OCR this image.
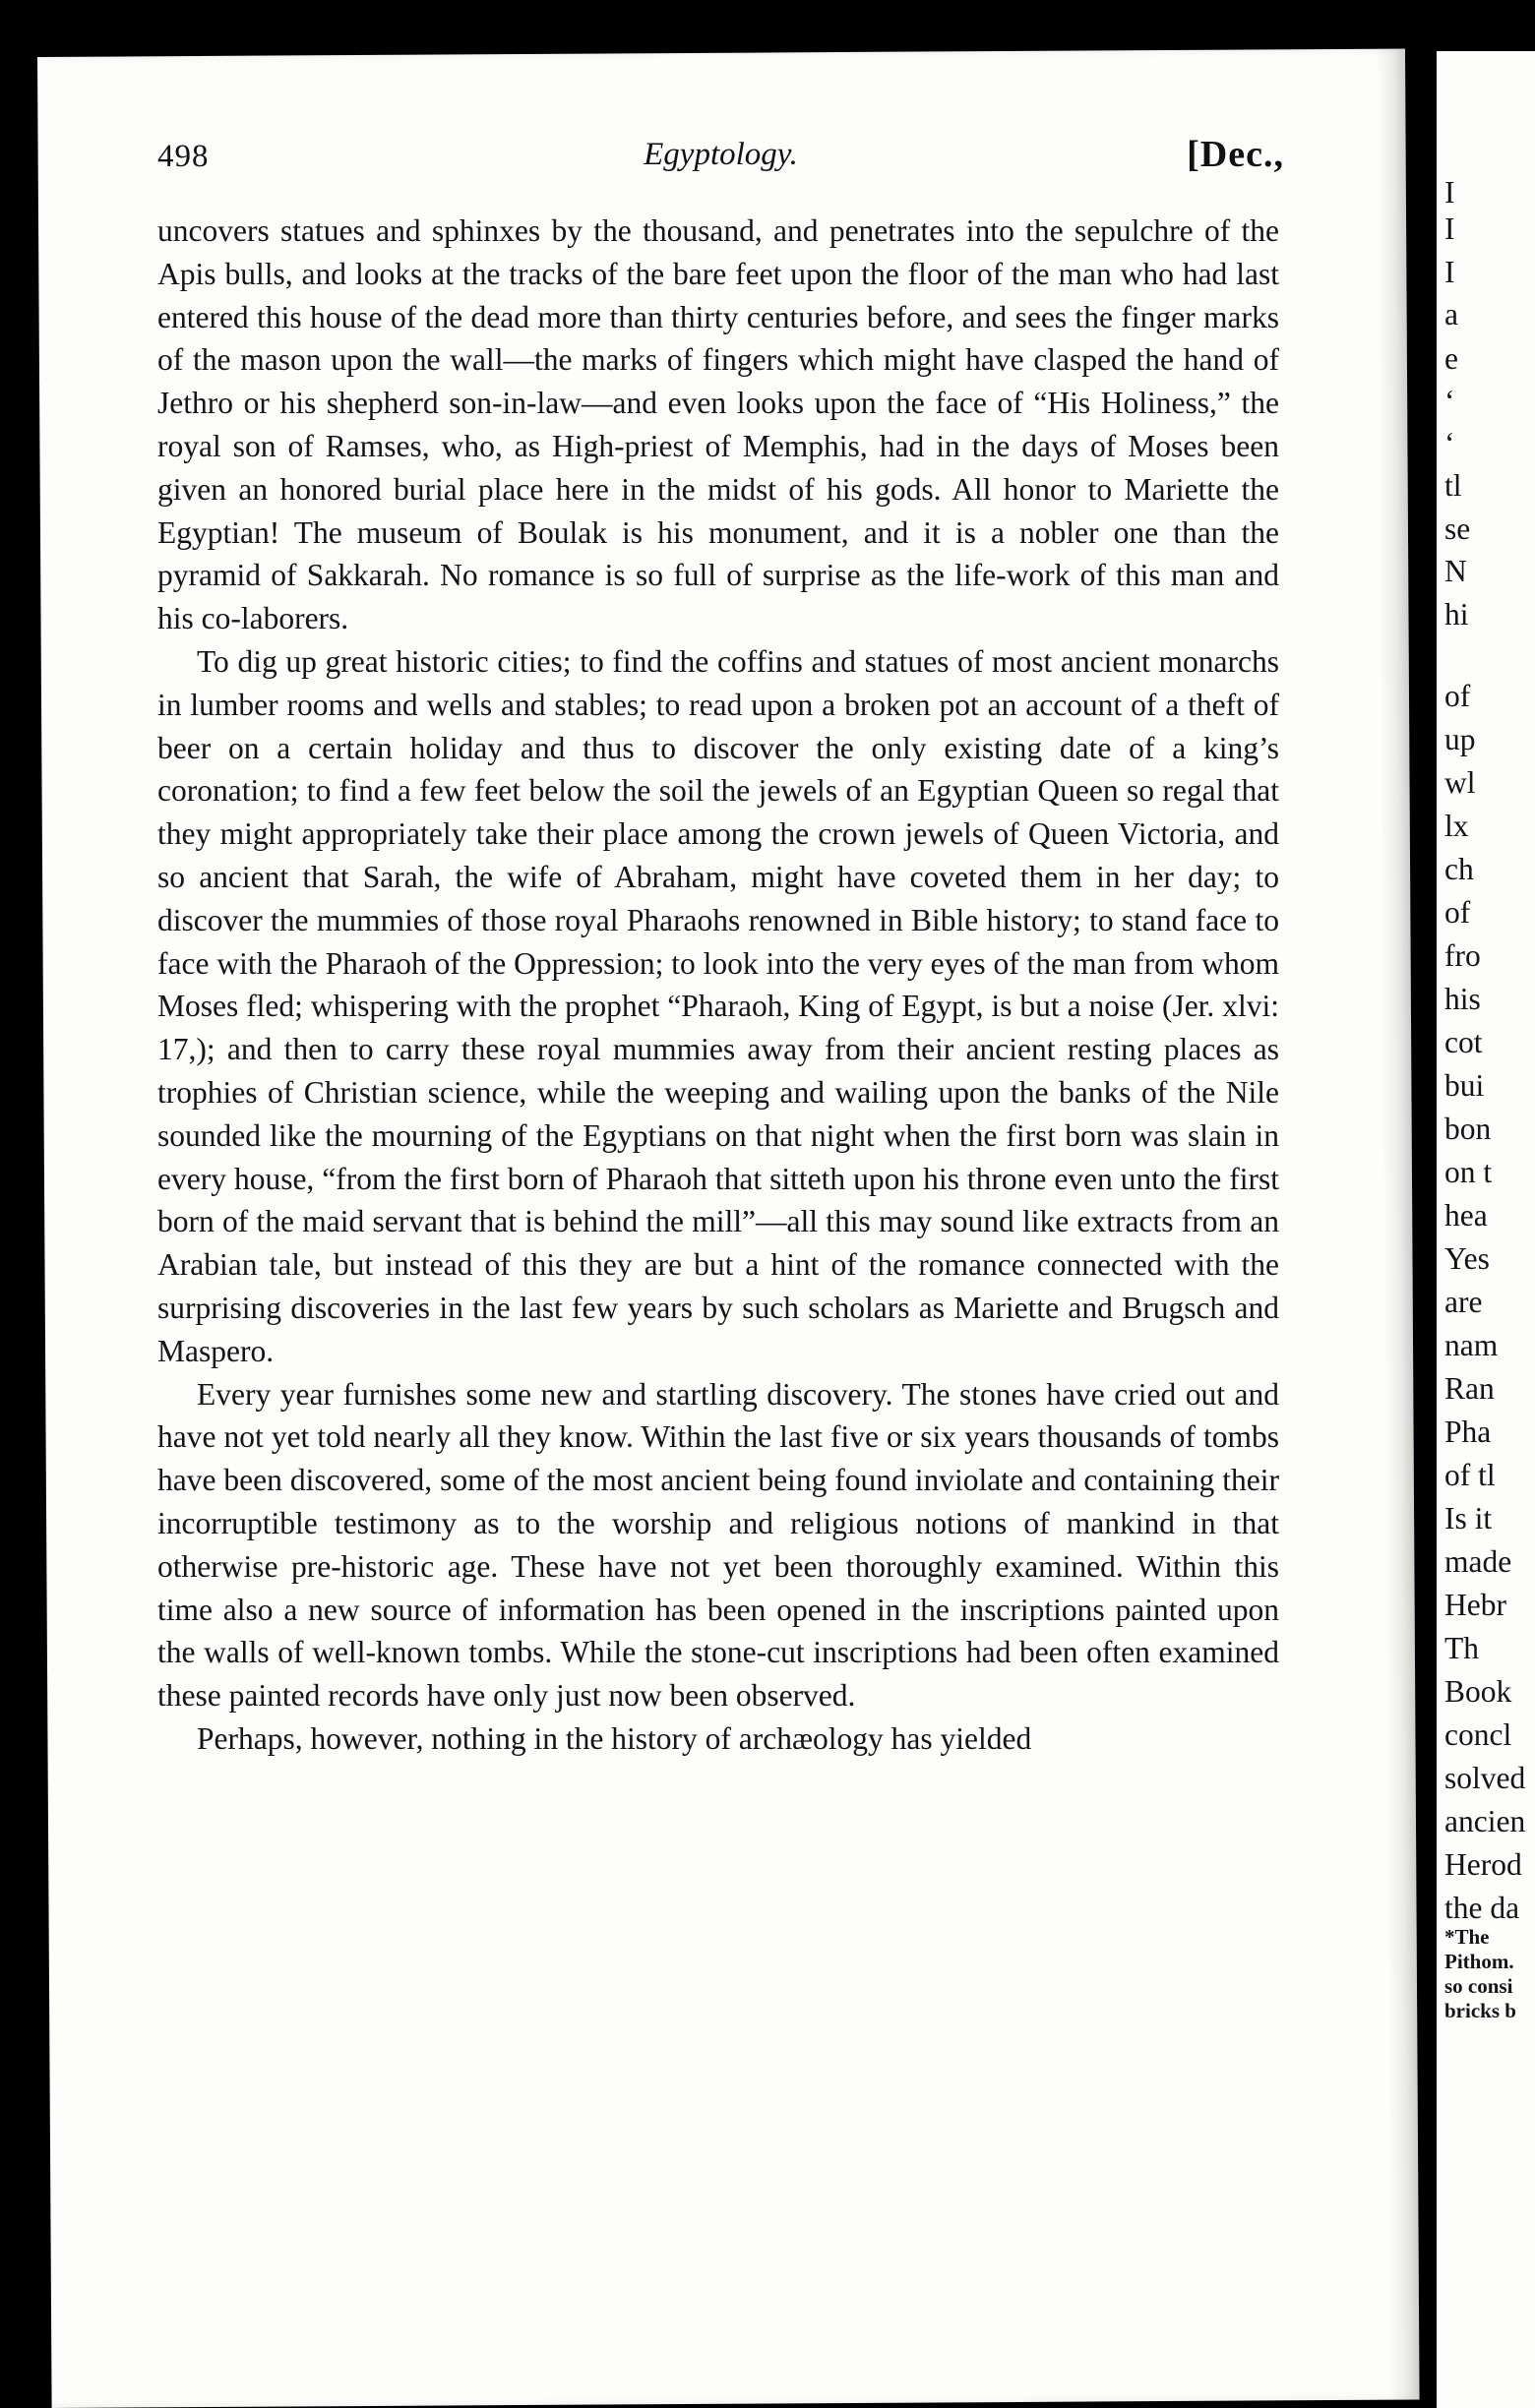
I
I
I
a
e
‘
‘
tl
se
N
hi
of
up
wl
lx
ch
of
fro
his
cot
bui
bon
on t
hea
Yes
are
nam
Ran
Pha
of tl
Is it
made
Hebr
Th
Book
concl
solved
ancien
Herod
the da
*The
Pithom.
so consi
bricks b
498	Egyptology.	[Dec.,

uncovers statues and sphinxes by the thousand, and penetrates into the sepulchre of the Apis bulls, and looks at the tracks of the bare feet upon the floor of the man who had last entered this house of the dead more than thirty centuries before, and sees the finger marks of the mason upon the wall—the marks of fingers which might have clasped the hand of Jethro or his shepherd son-in-law—and even looks upon the face of “His Holiness,” the royal son of Ramses, who, as High-priest of Memphis, had in the days of Moses been given an honored burial place here in the midst of his gods. All honor to Mariette the Egyptian! The museum of Boulak is his monument, and it is a nobler one than the pyramid of Sakkarah. No romance is so full of surprise as the life-work of this man and his co-laborers.

To dig up great historic cities; to find the coffins and statues of most ancient monarchs in lumber rooms and wells and stables; to read upon a broken pot an account of a theft of beer on a certain holiday and thus to discover the only existing date of a king’s coronation; to find a few feet below the soil the jewels of an Egyptian Queen so regal that they might appropriately take their place among the crown jewels of Queen Victoria, and so ancient that Sarah, the wife of Abraham, might have coveted them in her day; to discover the mummies of those royal Pharaohs renowned in Bible history; to stand face to face with the Pharaoh of the Oppression; to look into the very eyes of the man from whom Moses fled; whispering with the prophet “Pharaoh, King of Egypt, is but a noise (Jer. xlvi: 17,); and then to carry these royal mummies away from their ancient resting places as trophies of Christian science, while the weeping and wailing upon the banks of the Nile sounded like the mourning of the Egyptians on that night when the first born was slain in every house, “from the first born of Pharaoh that sitteth upon his throne even unto the first born of the maid servant that is behind the mill”—all this may sound like extracts from an Arabian tale, but instead of this they are but a hint of the romance connected with the surprising discoveries in the last few years by such scholars as Mariette and Brugsch and Maspero.

Every year furnishes some new and startling discovery. The stones have cried out and have not yet told nearly all they know. Within the last five or six years thousands of tombs have been discovered, some of the most ancient being found inviolate and containing their incorruptible testimony as to the worship and religious notions of mankind in that otherwise pre-historic age. These have not yet been thoroughly examined. Within this time also a new source of information has been opened in the inscriptions painted upon the walls of well-known tombs. While the stone-cut inscriptions had been often examined these painted records have only just now been observed.

Perhaps, however, nothing in the history of archæology has yielded
